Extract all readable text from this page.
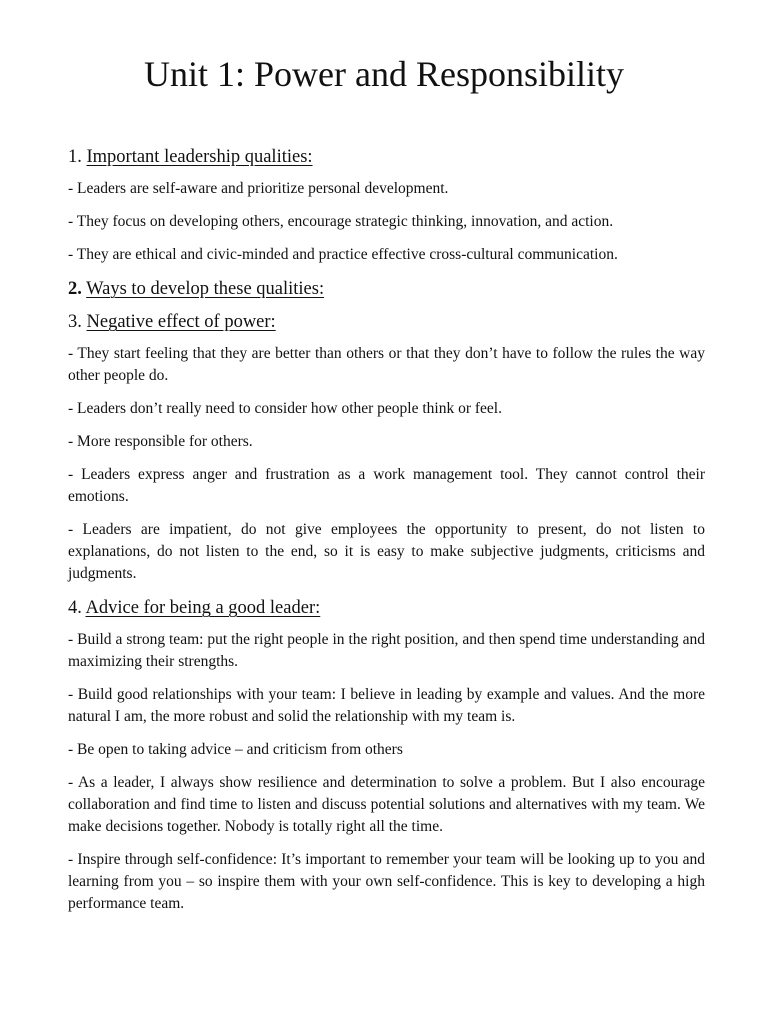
Unit 1: Power and Responsibility

1. Important leadership qualities:

- Leaders are self-aware and prioritize personal development.

- They focus on developing others, encourage strategic thinking, innovation, and action.

- They are ethical and civic-minded and practice effective cross-cultural communication.

2. Ways to develop these qualities:

3. Negative effect of power:

- They start feeling that they are better than others or that they don’t have to follow the rules the way other people do.

- Leaders don’t really need to consider how other people think or feel.

- More responsible for others.

- Leaders express anger and frustration as a work management tool. They cannot control their emotions.

- Leaders are impatient, do not give employees the opportunity to present, do not listen to explanations, do not listen to the end, so it is easy to make subjective judgments, criticisms and judgments.

4. Advice for being a good leader:

- Build a strong team: put the right people in the right position, and then spend time understanding and maximizing their strengths.

- Build good relationships with your team: I believe in leading by example and values. And the more natural I am, the more robust and solid the relationship with my team is.

- Be open to taking advice – and criticism from others

- As a leader, I always show resilience and determination to solve a problem. But I also encourage collaboration and find time to listen and discuss potential solutions and alternatives with my team. We make decisions together. Nobody is totally right all the time.

- Inspire through self-confidence: It’s important to remember your team will be looking up to you and learning from you – so inspire them with your own self-confidence. This is key to developing a high performance team.
